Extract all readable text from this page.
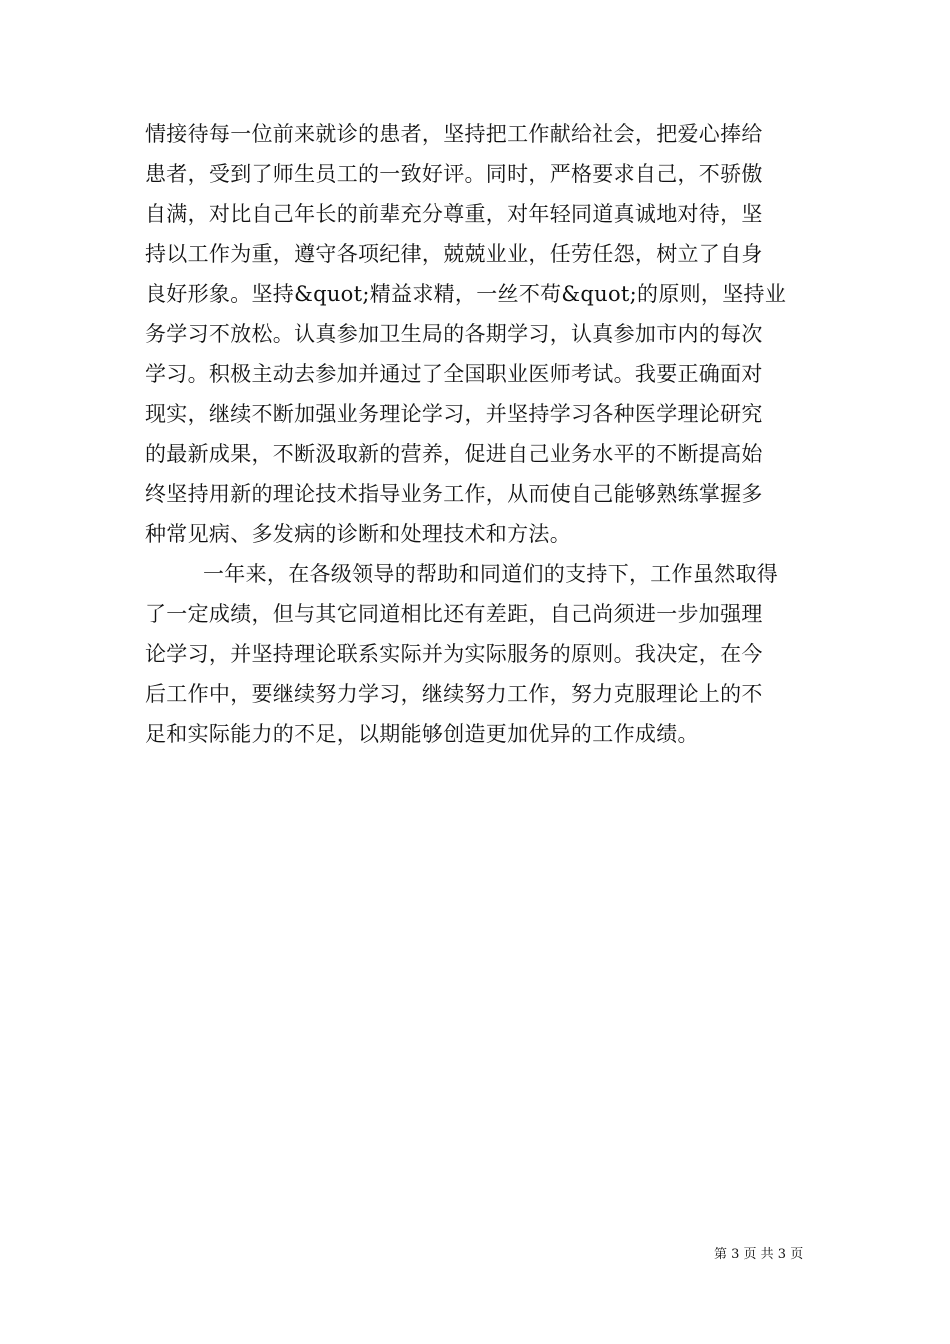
情接待每一位前来就诊的患者，坚持把工作献给社会，把爱心捧给
患者，受到了师生员工的一致好评。同时，严格要求自己，不骄傲
自满，对比自己年长的前辈充分尊重，对年轻同道真诚地对待，坚
持以工作为重，遵守各项纪律，兢兢业业，任劳任怨，树立了自身
良好形象。坚持&quot;精益求精，一丝不苟&quot;的原则，坚持业
务学习不放松。认真参加卫生局的各期学习，认真参加市内的每次
学习。积极主动去参加并通过了全国职业医师考试。我要正确面对
现实，继续不断加强业务理论学习，并坚持学习各种医学理论研究
的最新成果，不断汲取新的营养，促进自己业务水平的不断提高始
终坚持用新的理论技术指导业务工作，从而使自己能够熟练掌握多
种常见病、多发病的诊断和处理技术和方法。
一年来，在各级领导的帮助和同道们的支持下，工作虽然取得
了一定成绩，但与其它同道相比还有差距，自己尚须进一步加强理
论学习，并坚持理论联系实际并为实际服务的原则。我决定，在今
后工作中，要继续努力学习，继续努力工作，努力克服理论上的不
足和实际能力的不足，以期能够创造更加优异的工作成绩。
第 3 页 共 3 页
